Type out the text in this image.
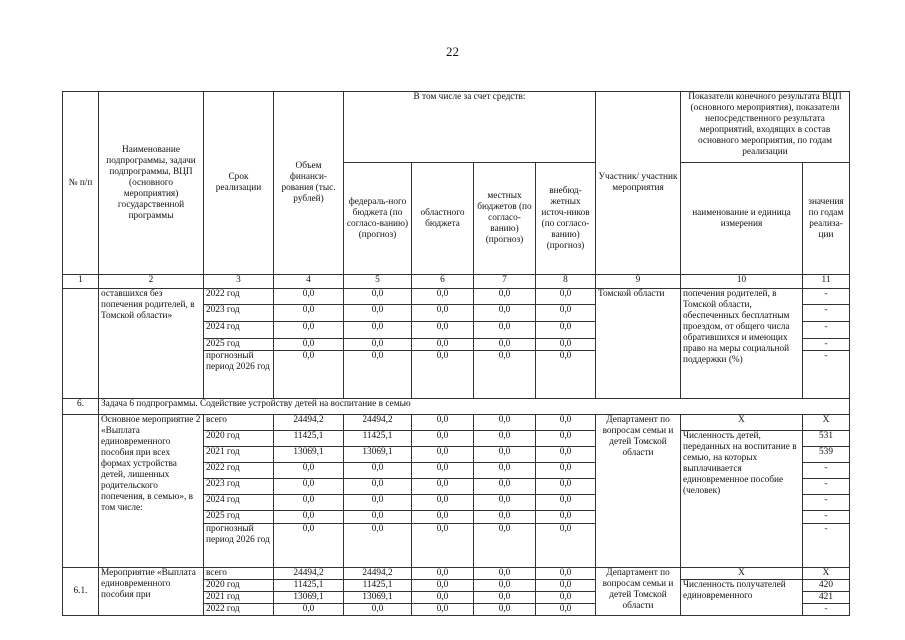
22
№ п/п	Наименование подпрограммы, задачи подпрограммы, ВЦП (основного мероприятия) государственной программы	Срок реализации	Объем финанси-рования (тыс. рублей)	В том числе за счет средств:				Участник/ участник мероприятия	Показатели конечного результата ВЦП (основного мероприятия), показатели непосредственного результата мероприятий, входящих в состав основного мероприятия, по годам реализации	
				федераль-ного бюджета (по согласо-ванию) (прогноз)	областного бюджета	местных бюджетов (по согласо-ванию) (прогноз)	внебюд-жетных источ-ников (по согласо-ванию) (прогноз)		наименование и единица измерения	значения по годам реализа-ции
1	2	3	4	5	6	7	8	9	10	11
	оставшихся без попечения родителей, в Томской области»	2022 год	0,0	0,0	0,0	0,0	0,0	Томской области	попечения родителей, в Томской области, обеспеченных бесплатным проездом, от общего числа обратившихся и имеющих право на меры социальной поддержки (%)	-
		2023 год	0,0	0,0	0,0	0,0	0,0			-
		2024 год	0,0	0,0	0,0	0,0	0,0			-
		2025 год	0,0	0,0	0,0	0,0	0,0			-
		прогнозный период 2026 год	0,0	0,0	0,0	0,0	0,0			-
6.	Задача 6 подпрограммы. Содействие устройству детей на воспитание в семью									
	Основное мероприятие 2 «Выплата единовременного пособия при всех формах устройства детей, лишенных родительского попечения, в семью», в том числе:	всего	24494,2	24494,2	0,0	0,0	0,0	Департамент по вопросам семьи и детей Томской области	Х	Х
		2020 год	11425,1	11425,1	0,0	0,0	0,0		Численность детей, переданных на воспитание в семью, на которых выплачивается единовременное пособие (человек)	531
		2021 год	13069,1	13069,1	0,0	0,0	0,0			539
		2022 год	0,0	0,0	0,0	0,0	0,0			-
		2023 год	0,0	0,0	0,0	0,0	0,0			-
		2024 год	0,0	0,0	0,0	0,0	0,0			-
		2025 год	0,0	0,0	0,0	0,0	0,0			-
		прогнозный период 2026 год	0,0	0,0	0,0	0,0	0,0			-
6.1.	Мероприятие «Выплата единовременного пособия при	всего	24494,2	24494,2	0,0	0,0	0,0	Департамент по вопросам семьи и детей Томской области	Х	Х
		2020 год	11425,1	11425,1	0,0	0,0	0,0		Численность получателей единовременного	420
		2021 год	13069,1	13069,1	0,0	0,0	0,0			421
		2022 год	0,0	0,0	0,0	0,0	0,0			-
